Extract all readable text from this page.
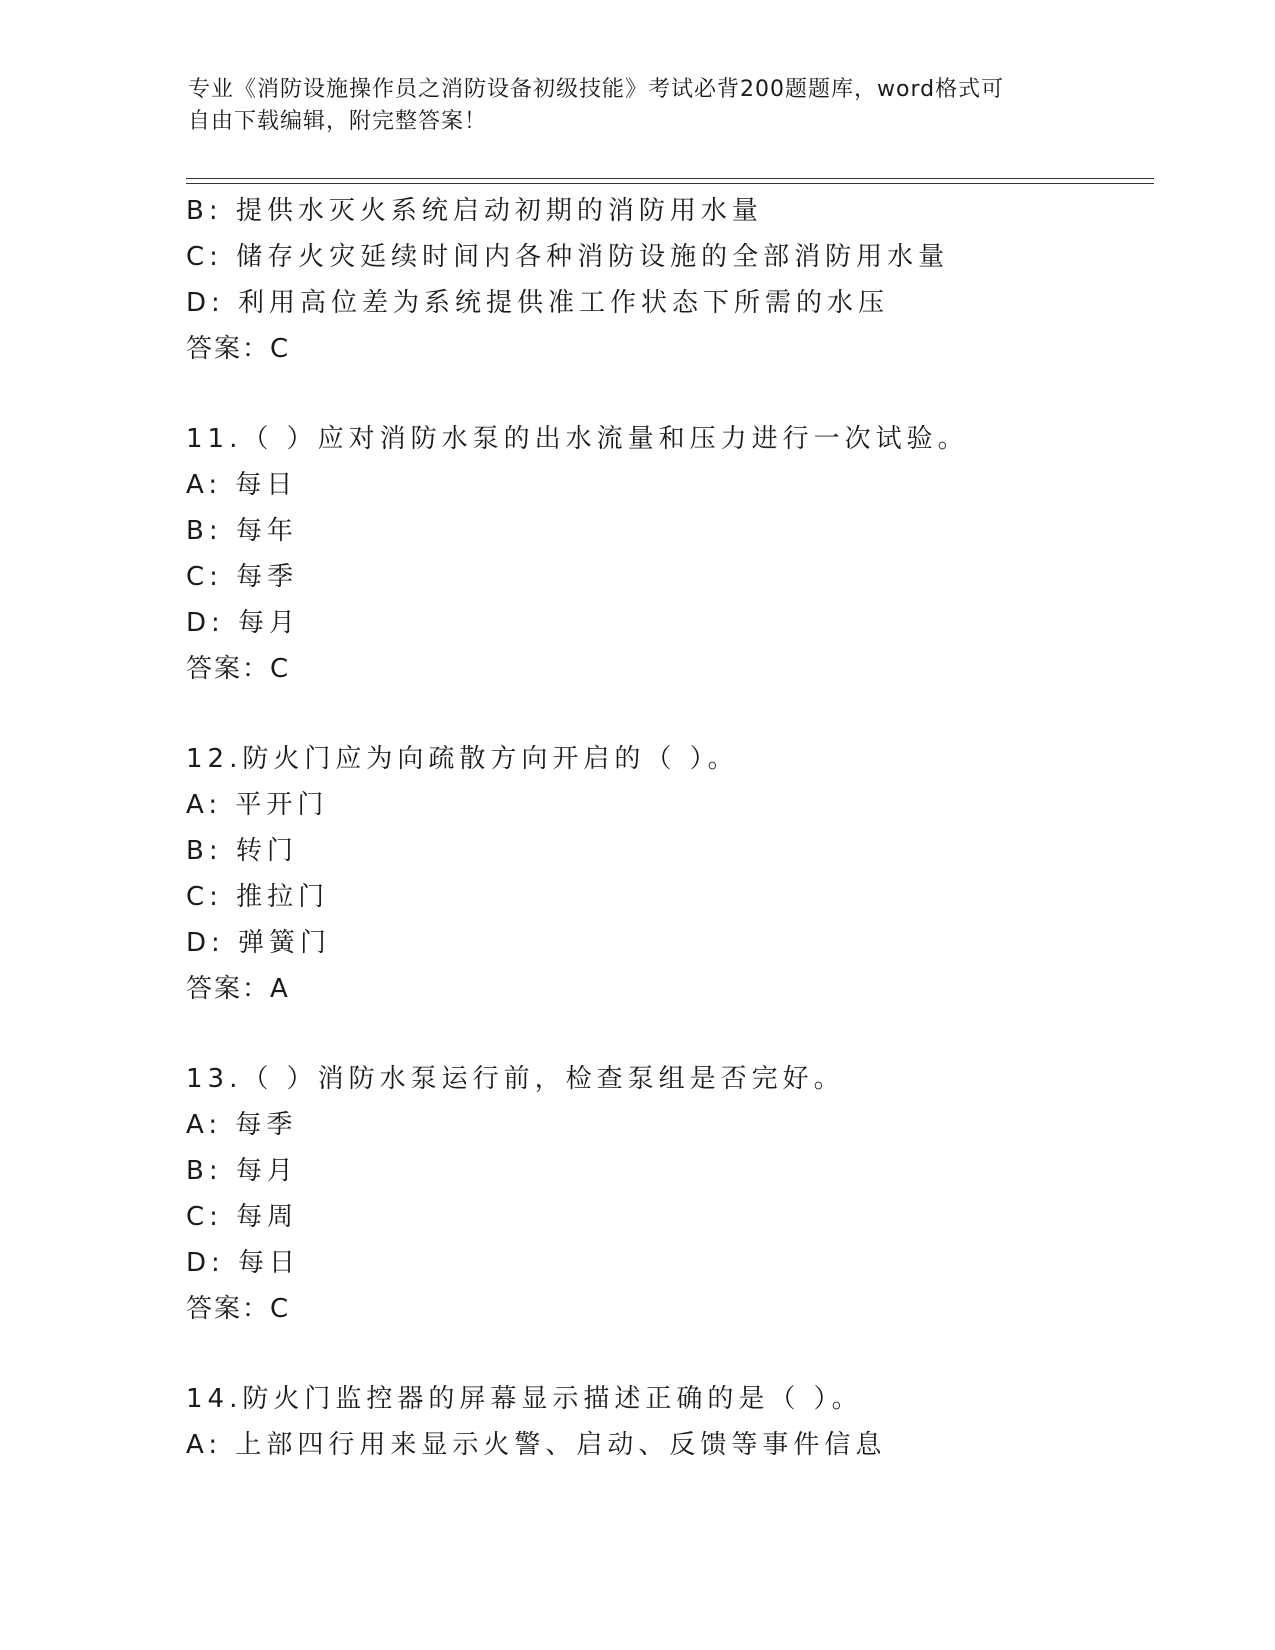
专业《消防设施操作员之消防设备初级技能》考试必背200题题库，word格式可
自由下载编辑，附完整答案！
B: 提供水灭火系统启动初期的消防用水量
C: 储存火灾延续时间内各种消防设施的全部消防用水量
D: 利用高位差为系统提供准工作状态下所需的水压
答案：C
11.（ ）应对消防水泵的出水流量和压力进行一次试验。
A: 每日
B: 每年
C: 每季
D: 每月
答案：C
12.防火门应为向疏散方向开启的（ ）。
A: 平开门
B: 转门
C: 推拉门
D: 弹簧门
答案：A
13.（ ）消防水泵运行前，检查泵组是否完好。
A: 每季
B: 每月
C: 每周
D: 每日
答案：C
14.防火门监控器的屏幕显示描述正确的是（ ）。
A: 上部四行用来显示火警、启动、反馈等事件信息
